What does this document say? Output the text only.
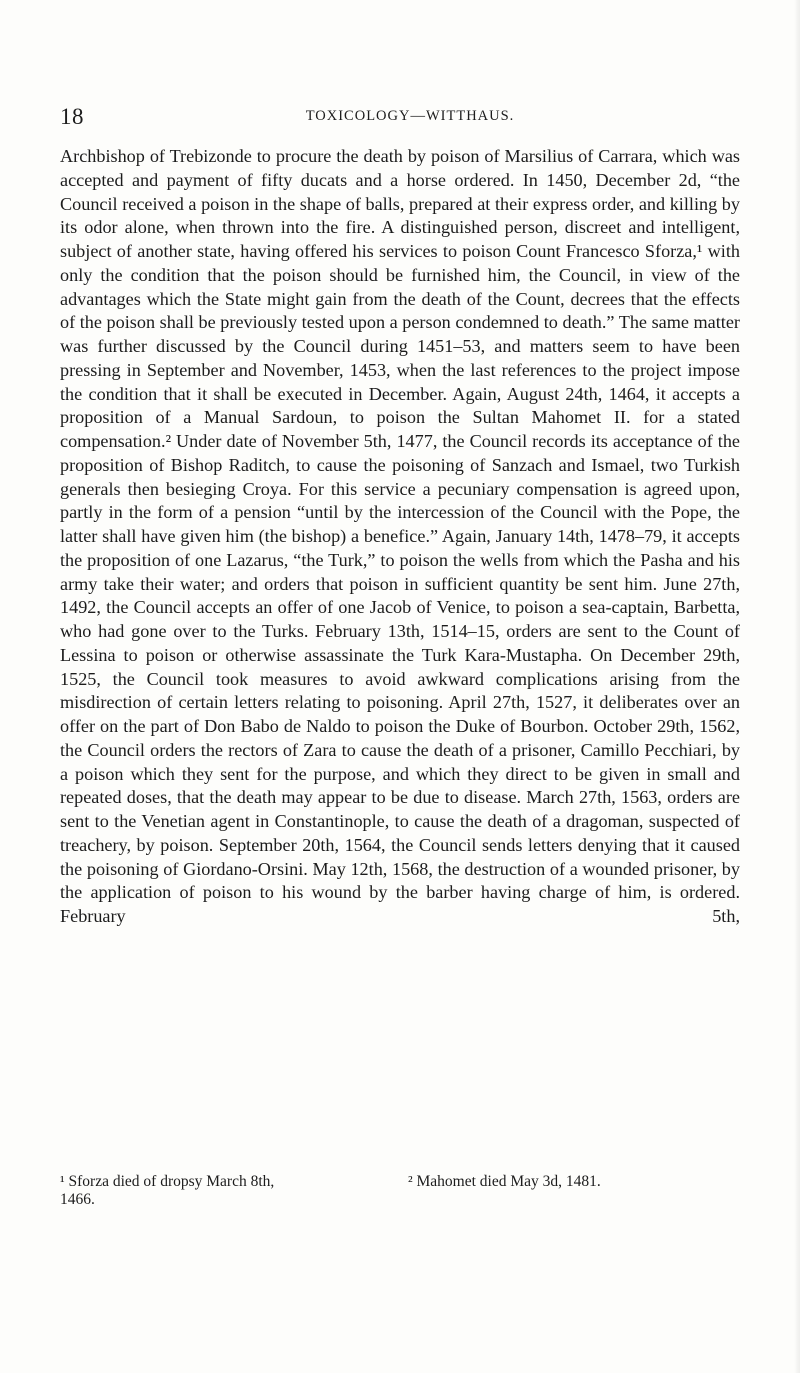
18	TOXICOLOGY—WITTHAUS.
Archbishop of Trebizonde to procure the death by poison of Marsilius of Carrara, which was accepted and payment of fifty ducats and a horse ordered. In 1450, December 2d, “the Council received a poison in the shape of balls, prepared at their express order, and killing by its odor alone, when thrown into the fire. A distinguished person, discreet and intelligent, subject of another state, having offered his services to poison Count Francesco Sforza,¹ with only the condition that the poison should be furnished him, the Council, in view of the advantages which the State might gain from the death of the Count, decrees that the effects of the poison shall be previously tested upon a person condemned to death.” The same matter was further discussed by the Council during 1451–53, and matters seem to have been pressing in September and November, 1453, when the last references to the project impose the condition that it shall be executed in December. Again, August 24th, 1464, it accepts a proposition of a Manual Sardoun, to poison the Sultan Mahomet II. for a stated compensation.² Under date of November 5th, 1477, the Council records its acceptance of the proposition of Bishop Raditch, to cause the poisoning of Sanzach and Ismael, two Turkish generals then besieging Croya. For this service a pecuniary compensation is agreed upon, partly in the form of a pension “until by the intercession of the Council with the Pope, the latter shall have given him (the bishop) a benefice.” Again, January 14th, 1478–79, it accepts the proposition of one Lazarus, “the Turk,” to poison the wells from which the Pasha and his army take their water; and orders that poison in sufficient quantity be sent him. June 27th, 1492, the Council accepts an offer of one Jacob of Venice, to poison a sea-captain, Barbetta, who had gone over to the Turks. February 13th, 1514–15, orders are sent to the Count of Lessina to poison or otherwise assassinate the Turk Kara-Mustapha. On December 29th, 1525, the Council took measures to avoid awkward complications arising from the misdirection of certain letters relating to poisoning. April 27th, 1527, it deliberates over an offer on the part of Don Babo de Naldo to poison the Duke of Bourbon. October 29th, 1562, the Council orders the rectors of Zara to cause the death of a prisoner, Camillo Pecchiari, by a poison which they sent for the purpose, and which they direct to be given in small and repeated doses, that the death may appear to be due to disease. March 27th, 1563, orders are sent to the Venetian agent in Constantinople, to cause the death of a dragoman, suspected of treachery, by poison. September 20th, 1564, the Council sends letters denying that it caused the poisoning of Giordano-Orsini. May 12th, 1568, the destruction of a wounded prisoner, by the application of poison to his wound by the barber having charge of him, is ordered. February 5th,
¹ Sforza died of dropsy March 8th,	² Mahomet died May 3d, 1481.
1466.
